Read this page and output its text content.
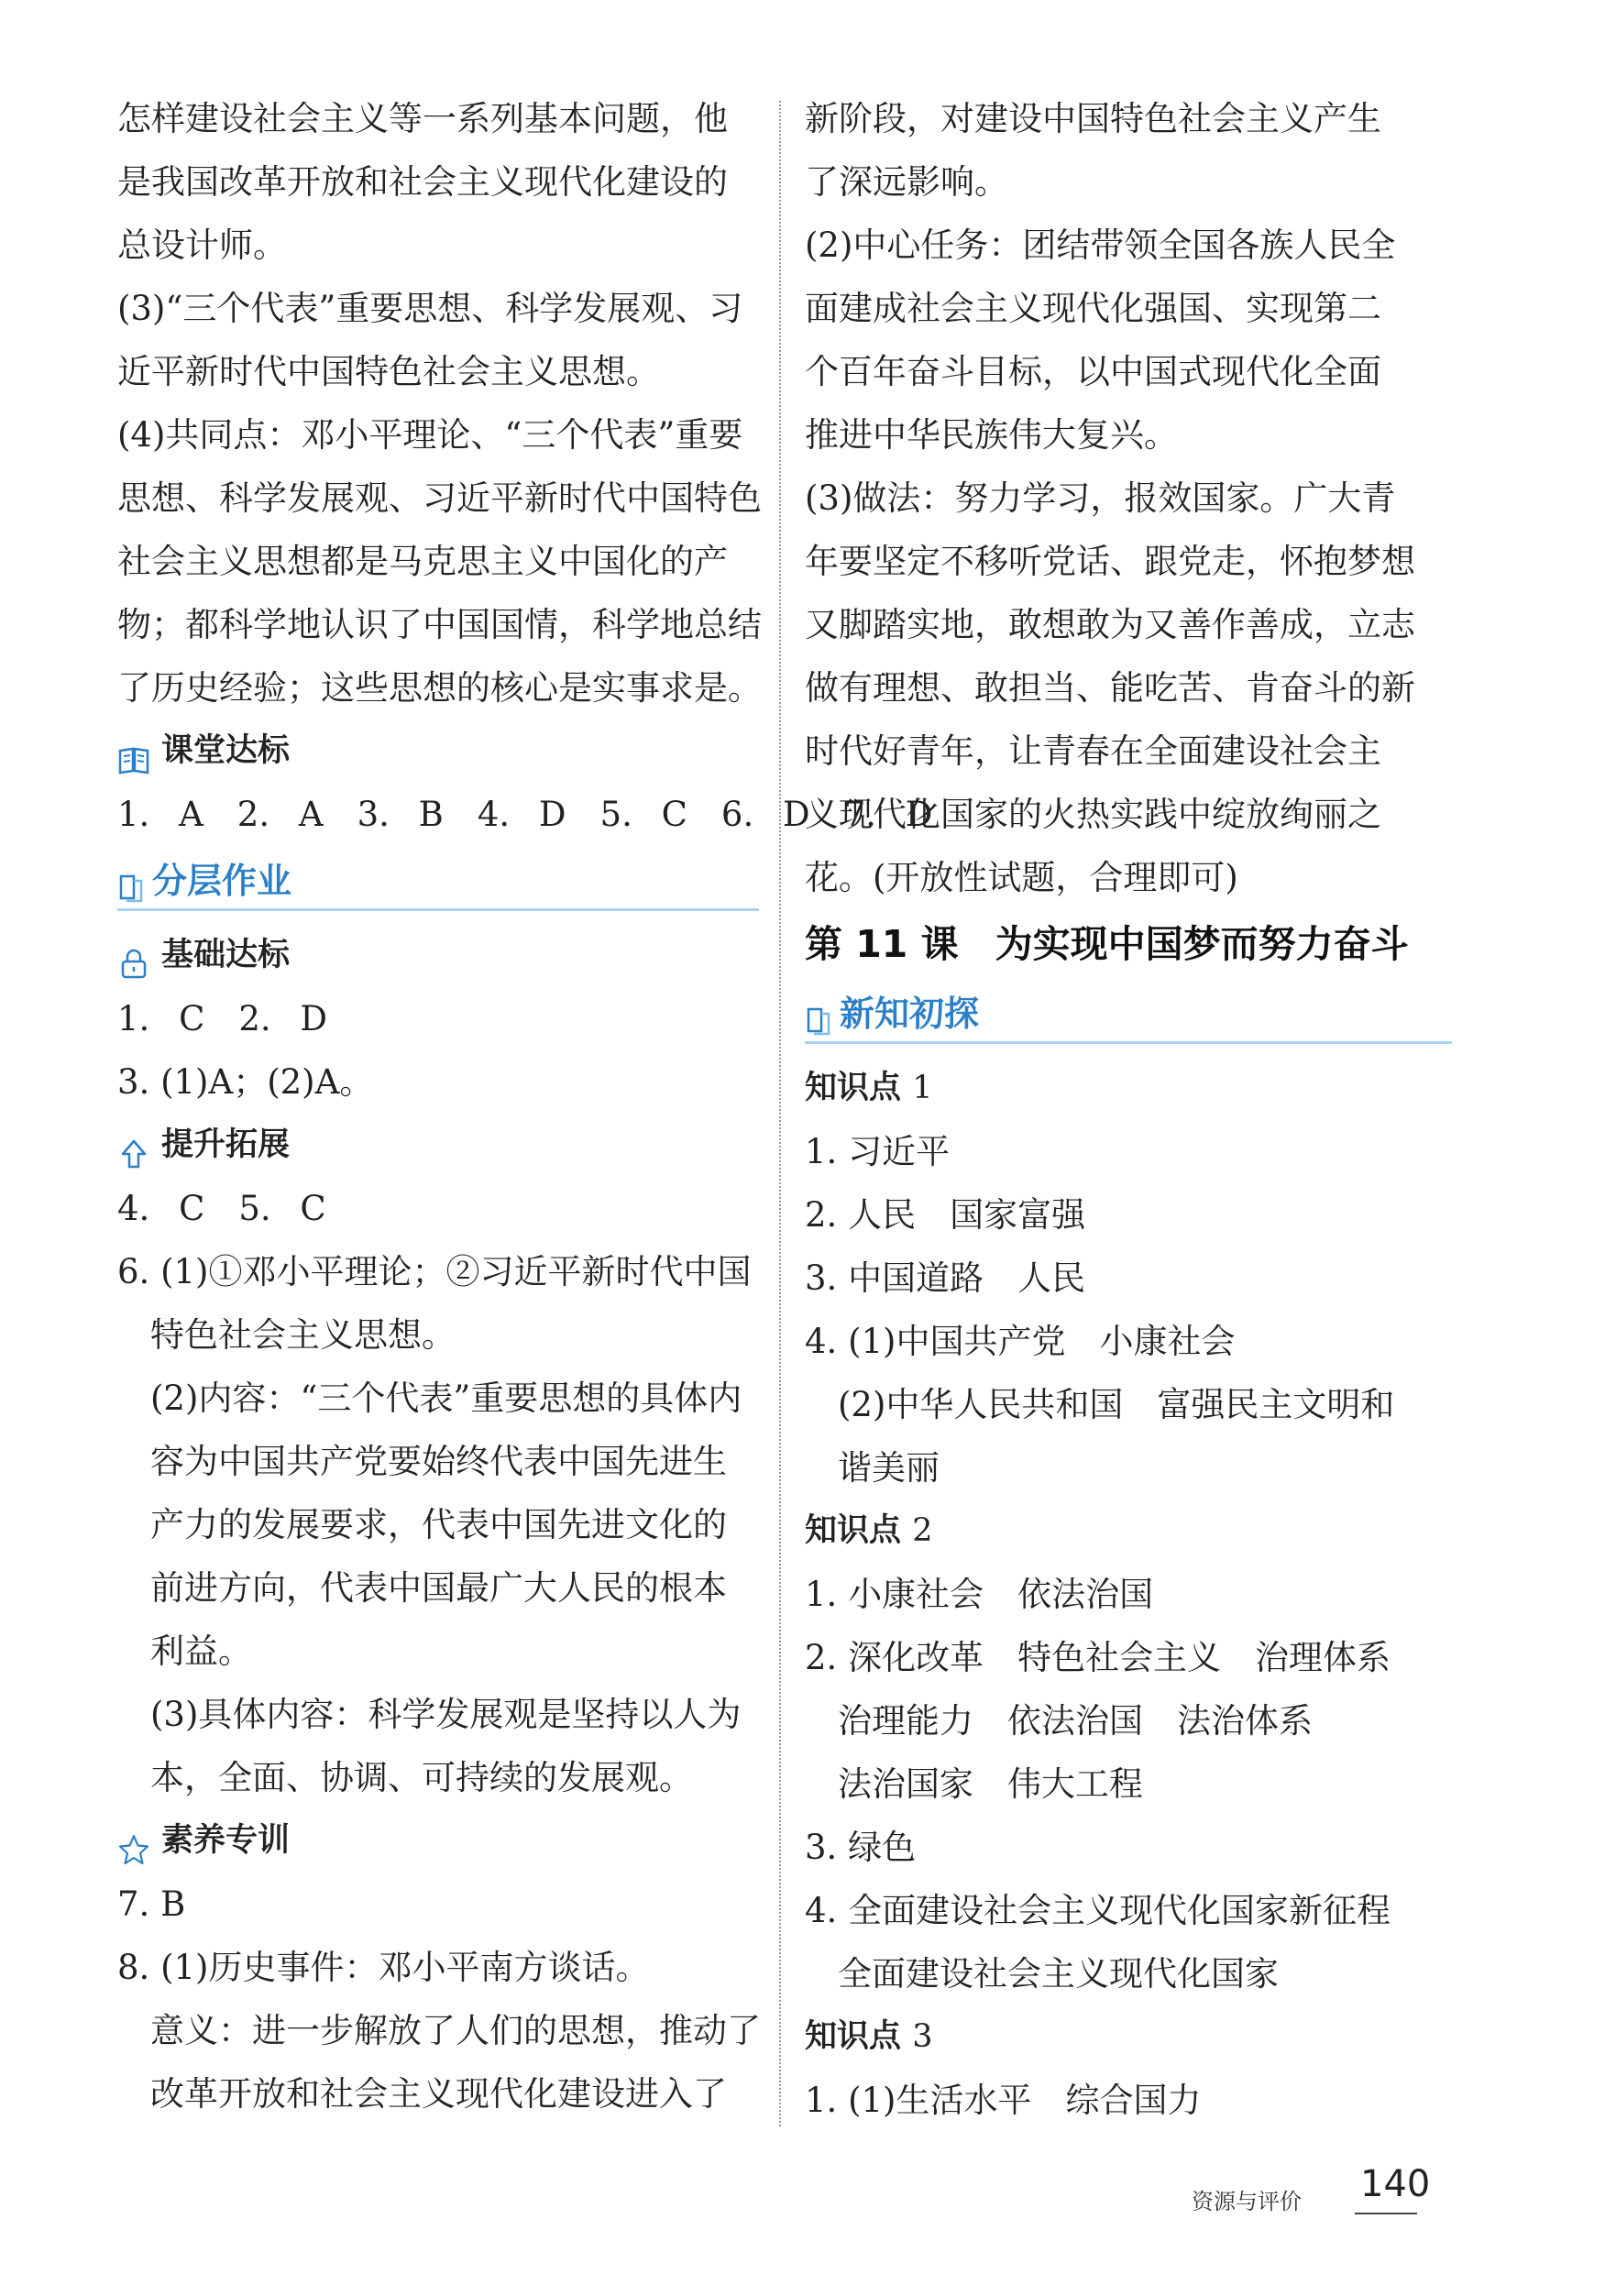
怎样建设社会主义等一系列基本问题，他

是我国改革开放和社会主义现代化建设的

总设计师。

(3)“三个代表”重要思想、科学发展观、习

近平新时代中国特色社会主义思想。

(4)共同点：邓小平理论、“三个代表”重要

思想、科学发展观、习近平新时代中国特色

社会主义思想都是马克思主义中国化的产

物；都科学地认识了中国国情，科学地总结

了历史经验；这些思想的核心是实事求是。

课堂达标

1. A　2. A　3. B　4. D　5. C　6. D　7. D

分层作业
基础达标

1. C　2. D

3. (1)A；(2)A。

提升拓展

4. C　5. C

6. (1)①邓小平理论；②习近平新时代中国

特色社会主义思想。

(2)内容：“三个代表”重要思想的具体内

容为中国共产党要始终代表中国先进生

产力的发展要求，代表中国先进文化的

前进方向，代表中国最广大人民的根本

利益。

(3)具体内容：科学发展观是坚持以人为

本，全面、协调、可持续的发展观。

素养专训

7. B

8. (1)历史事件：邓小平南方谈话。

意义：进一步解放了人们的思想，推动了

改革开放和社会主义现代化建设进入了

新阶段，对建设中国特色社会主义产生

了深远影响。

(2)中心任务：团结带领全国各族人民全

面建成社会主义现代化强国、实现第二

个百年奋斗目标，以中国式现代化全面

推进中华民族伟大复兴。

(3)做法：努力学习，报效国家。广大青

年要坚定不移听党话、跟党走，怀抱梦想

又脚踏实地，敢想敢为又善作善成，立志

做有理想、敢担当、能吃苦、肯奋斗的新

时代好青年，让青春在全面建设社会主

义现代化国家的火热实践中绽放绚丽之

花。(开放性试题，合理即可)

第 11 课 为实现中国梦而努力奋斗
新知初探
知识点 1

1. 习近平

2. 人民　国家富强

3. 中国道路　人民

4. (1)中国共产党　小康社会

(2)中华人民共和国　富强民主文明和

谐美丽

知识点 2

1. 小康社会　依法治国

2. 深化改革　特色社会主义　治理体系

治理能力　依法治国　法治体系

法治国家　伟大工程

3. 绿色

4. 全面建设社会主义现代化国家新征程

全面建设社会主义现代化国家

知识点 3

1. (1)生活水平　综合国力

资源与评价 140
